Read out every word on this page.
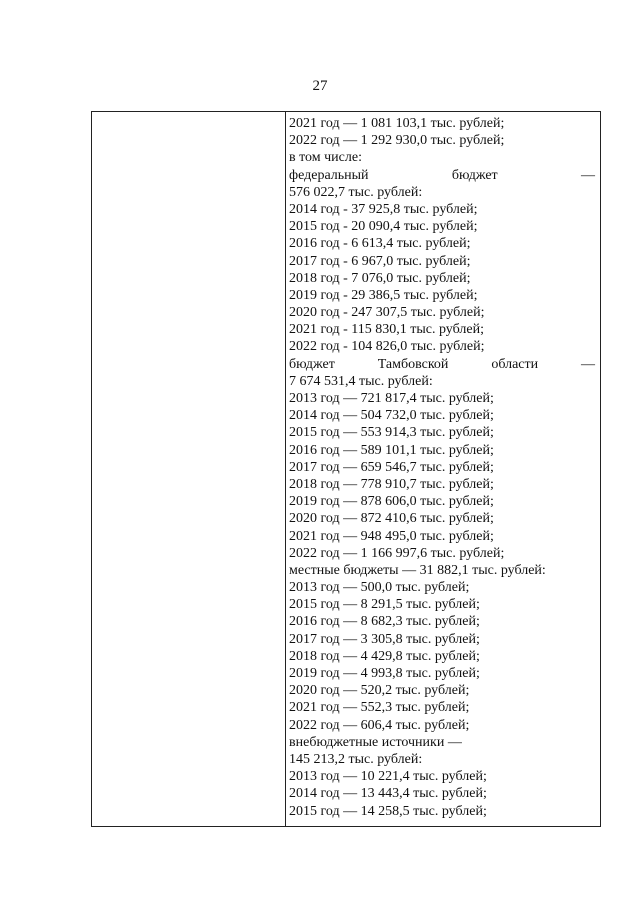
27
2021 год — 1 081 103,1 тыс. рублей;
2022 год — 1 292 930,0 тыс. рублей;
в том числе:
федеральный	бюджет	—
576 022,7 тыс. рублей:
2014 год - 37 925,8 тыс. рублей;
2015 год - 20 090,4 тыс. рублей;
2016 год - 6 613,4 тыс. рублей;
2017 год - 6 967,0 тыс. рублей;
2018 год - 7 076,0 тыс. рублей;
2019 год - 29 386,5 тыс. рублей;
2020 год - 247 307,5 тыс. рублей;
2021 год - 115 830,1 тыс. рублей;
2022 год - 104 826,0 тыс. рублей;
бюджет	Тамбовской	области	—
7 674 531,4 тыс. рублей:
2013 год — 721 817,4 тыс. рублей;
2014 год — 504 732,0 тыс. рублей;
2015 год — 553 914,3 тыс. рублей;
2016 год — 589 101,1 тыс. рублей;
2017 год — 659 546,7 тыс. рублей;
2018 год — 778 910,7 тыс. рублей;
2019 год — 878 606,0 тыс. рублей;
2020 год — 872 410,6 тыс. рублей;
2021 год — 948 495,0 тыс. рублей;
2022 год — 1 166 997,6 тыс. рублей;
местные бюджеты — 31 882,1 тыс. рублей:
2013 год — 500,0 тыс. рублей;
2015 год — 8 291,5 тыс. рублей;
2016 год — 8 682,3 тыс. рублей;
2017 год — 3 305,8 тыс. рублей;
2018 год — 4 429,8 тыс. рублей;
2019 год — 4 993,8 тыс. рублей;
2020 год — 520,2 тыс. рублей;
2021 год — 552,3 тыс. рублей;
2022 год — 606,4 тыс. рублей;
внебюджетные источники —
145 213,2 тыс. рублей:
2013 год — 10 221,4 тыс. рублей;
2014 год — 13 443,4 тыс. рублей;
2015 год — 14 258,5 тыс. рублей;
